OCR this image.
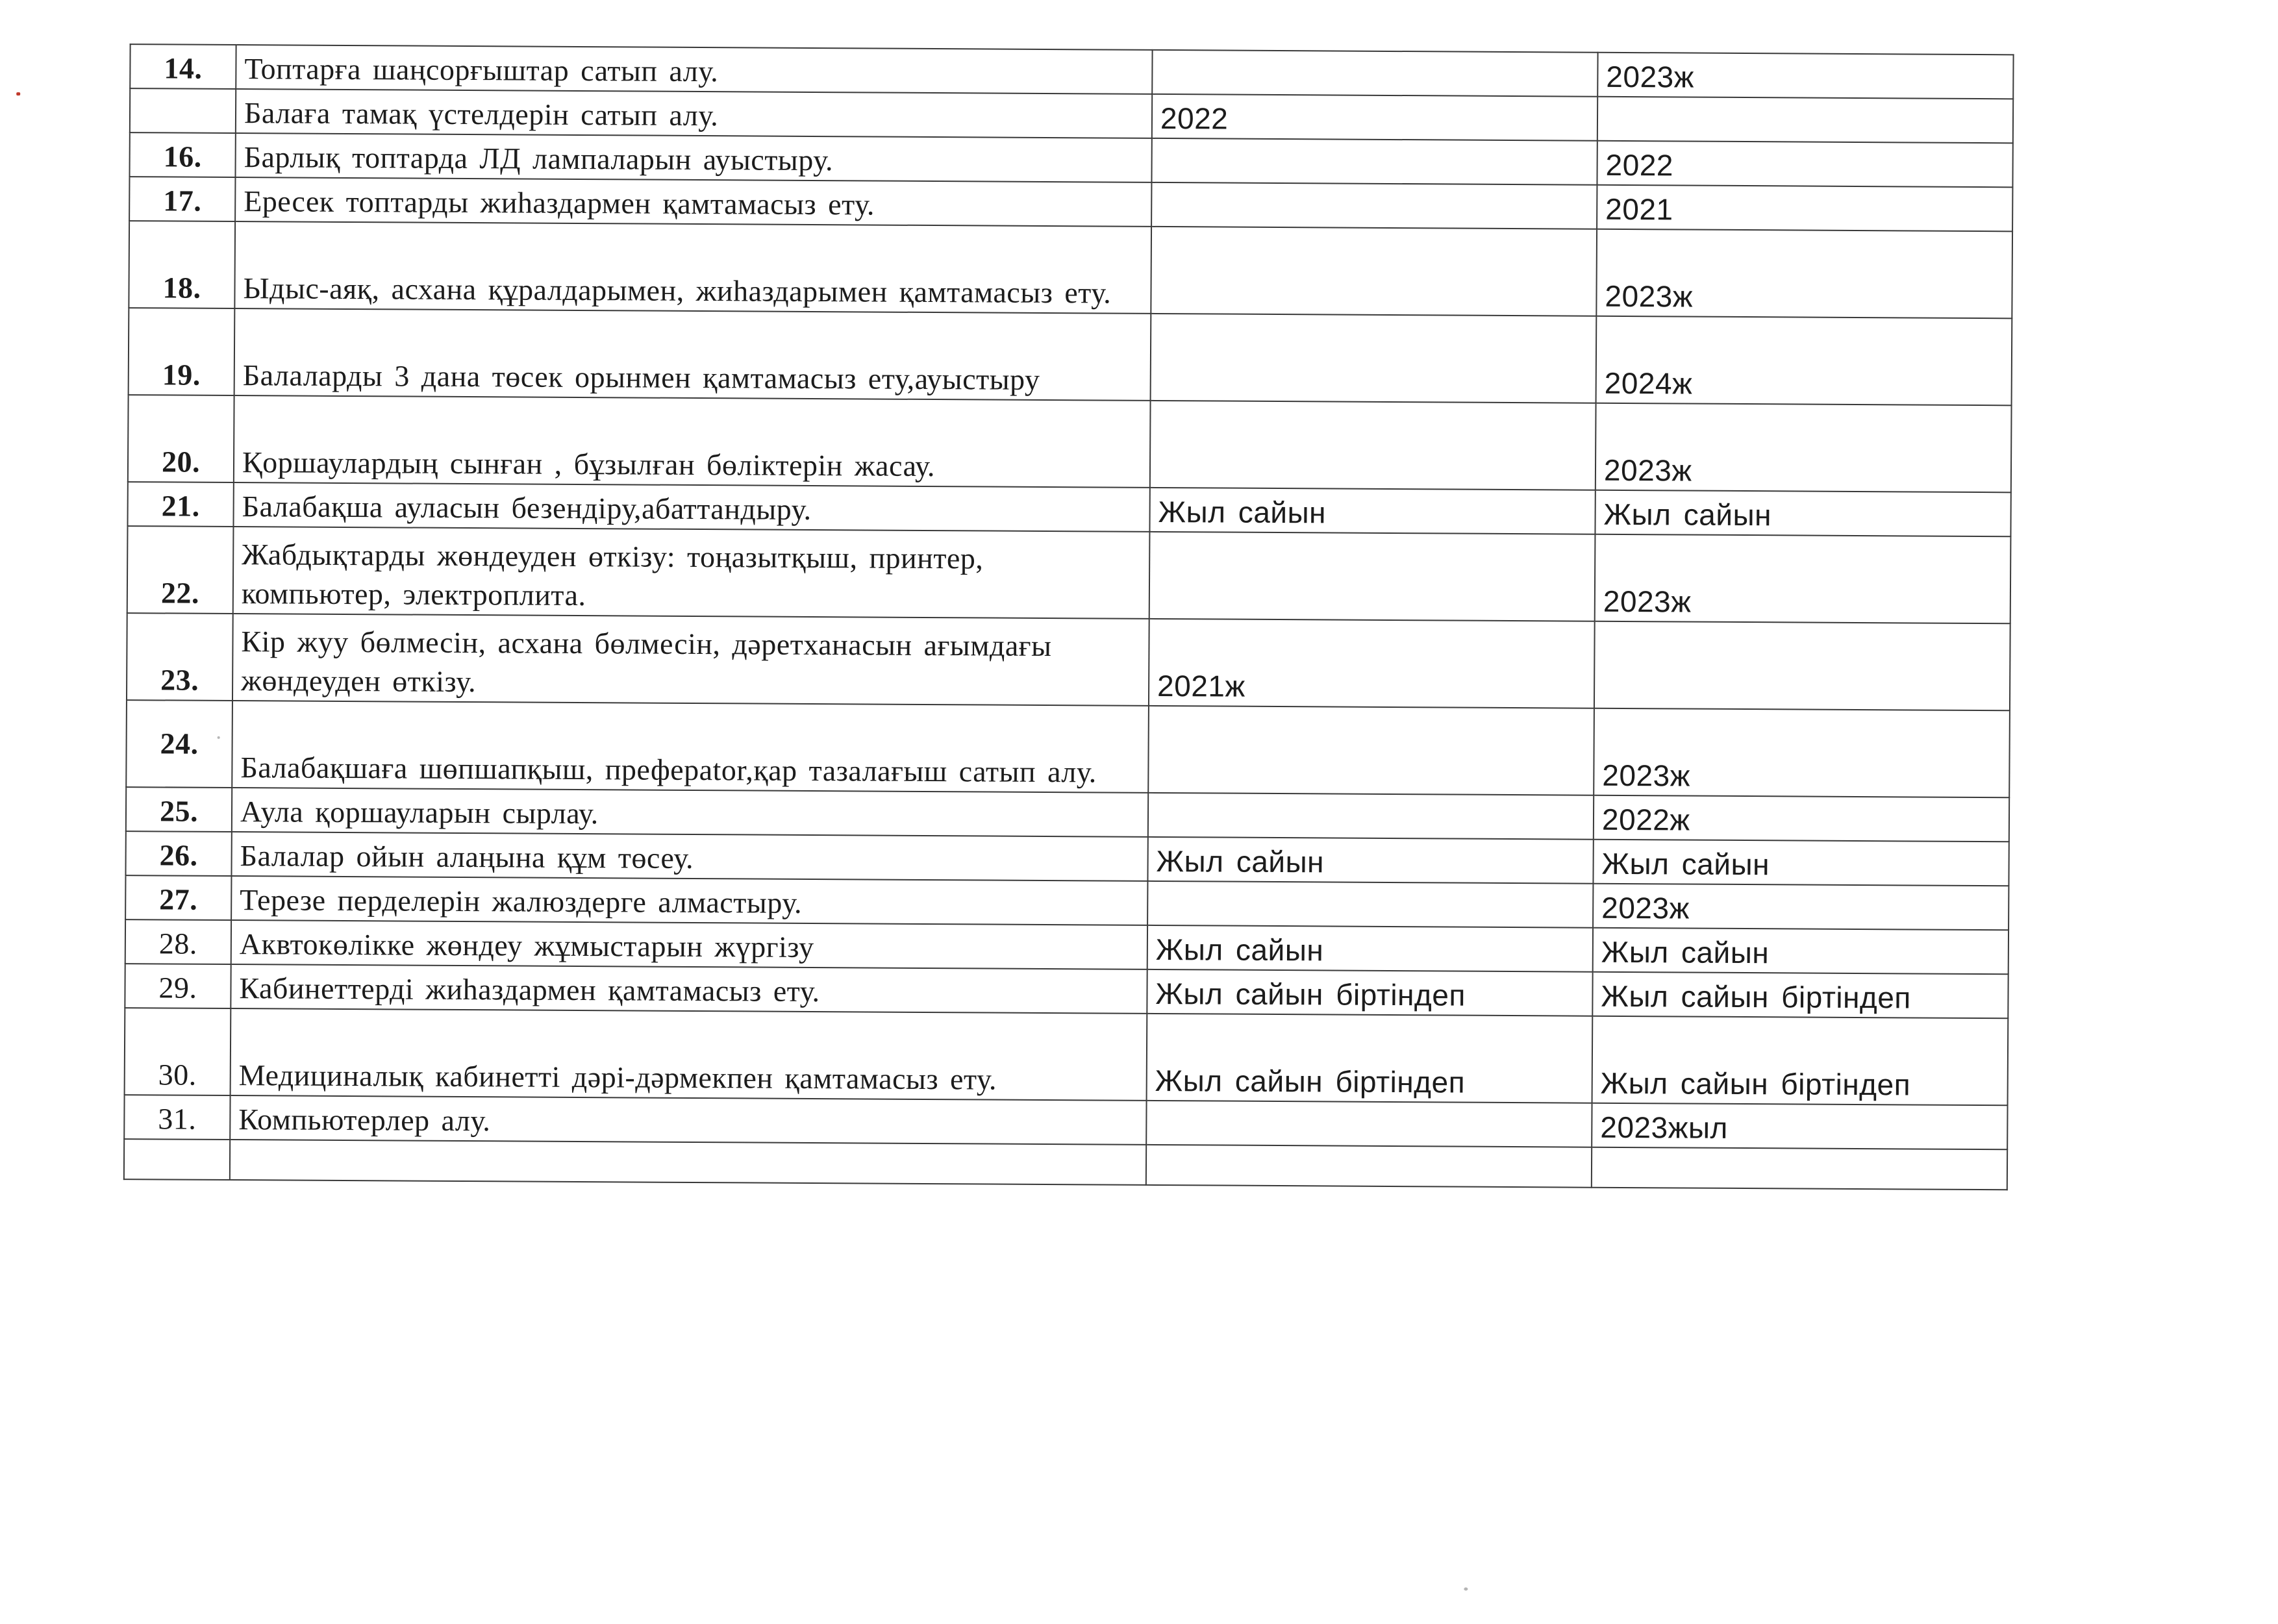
14.	Топтарға шаңсорғыштар сатып алу.		2023ж
	Балаға тамақ үстелдерін сатып алу.	2022	
16.	Барлық топтарда ЛД лампаларын ауыстыру.		2022
17.	Ересек топтарды жиһаздармен қамтамасыз ету.		2021
18.	Ыдыс-аяқ, асхана құралдарымен, жиһаздарымен қамтамасыз ету.		2023ж
19.	Балаларды 3 дана төсек орынмен қамтамасыз ету,ауыстыру		2024ж
20.	Қоршаулардың сынған , бұзылған бөліктерін жасау.		2023ж
21.	Балабақша ауласын безендіру,абаттандыру.	Жыл сайын	Жыл сайын
22.	Жабдықтарды жөндеуден өткізу: тоңазытқыш, принтер, компьютер, электроплита.		2023ж
23.	Кір жуу бөлмесін, асхана бөлмесін, дәретханасын ағымдағы жөндеуден өткізу.	2021ж	
24.	Балабақшаға шөпшапқыш, преферator,қар тазалағыш сатып алу.		2023ж
25.	Аула қоршауларын сырлау.		2022ж
26.	Балалар ойын алаңына құм төсеу.	Жыл сайын	Жыл сайын
27.	Терезе перделерін жалюздерге алмастыру.		2023ж
28.	Аквтокөлікке жөндеу жұмыстарын жүргізу	Жыл сайын	Жыл сайын
29.	Кабинеттерді жиһаздармен қамтамасыз ету.	Жыл сайын біртіндеп	Жыл сайын біртіндеп
30.	Медициналық кабинетті дәрі-дәрмекпен қамтамасыз ету.	Жыл сайын біртіндеп	Жыл сайын біртіндеп
31.	Компьютерлер алу.		2023жыл
